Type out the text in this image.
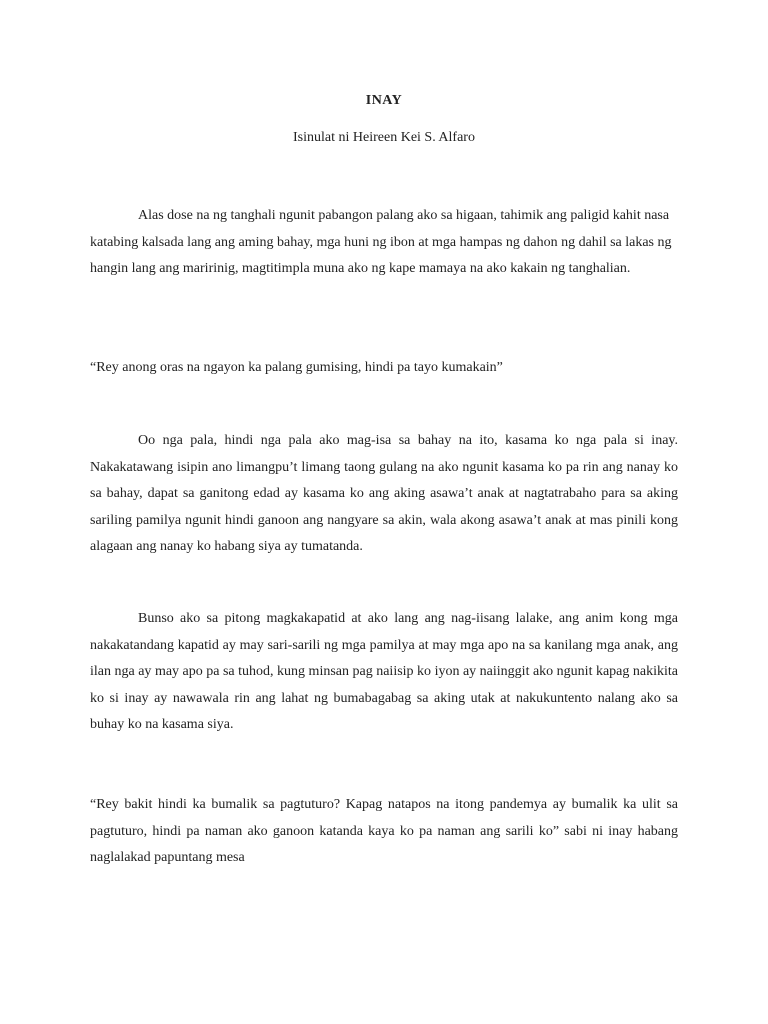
INAY
Isinulat ni Heireen Kei S. Alfaro

Alas dose na ng tanghali ngunit pabangon palang ako sa higaan, tahimik ang paligid kahit nasa katabing kalsada lang ang aming bahay, mga huni ng ibon at mga hampas ng dahon ng dahil sa lakas ng hangin lang ang maririnig, magtitimpla muna ako ng kape mamaya na ako kakain ng tanghalian.

“Rey anong oras na ngayon ka palang gumising, hindi pa tayo kumakain”

Oo nga pala, hindi nga pala ako mag-isa sa bahay na ito, kasama ko nga pala si inay. Nakakatawang isipin ano limangpu’t limang taong gulang na ako ngunit kasama ko pa rin ang nanay ko sa bahay, dapat sa ganitong edad ay kasama ko ang aking asawa’t anak at nagtatrabaho para sa aking sariling pamilya ngunit hindi ganoon ang nangyare sa akin, wala akong asawa’t anak at mas pinili kong alagaan ang nanay ko habang siya ay tumatanda.

Bunso ako sa pitong magkakapatid at ako lang ang nag-iisang lalake, ang anim kong mga nakakatandang kapatid ay may sari-sarili ng mga pamilya at may mga apo na sa kanilang mga anak, ang ilan nga ay may apo pa sa tuhod, kung minsan pag naiisip ko iyon ay naiinggit ako ngunit kapag nakikita ko si inay ay nawawala rin ang lahat ng bumabagabag sa aking utak at nakukuntento nalang ako sa buhay ko na kasama siya.

“Rey bakit hindi ka bumalik sa pagtuturo? Kapag natapos na itong pandemya ay bumalik ka ulit sa pagtuturo, hindi pa naman ako ganoon katanda kaya ko pa naman ang sarili ko” sabi ni inay habang naglalakad papuntang mesa
